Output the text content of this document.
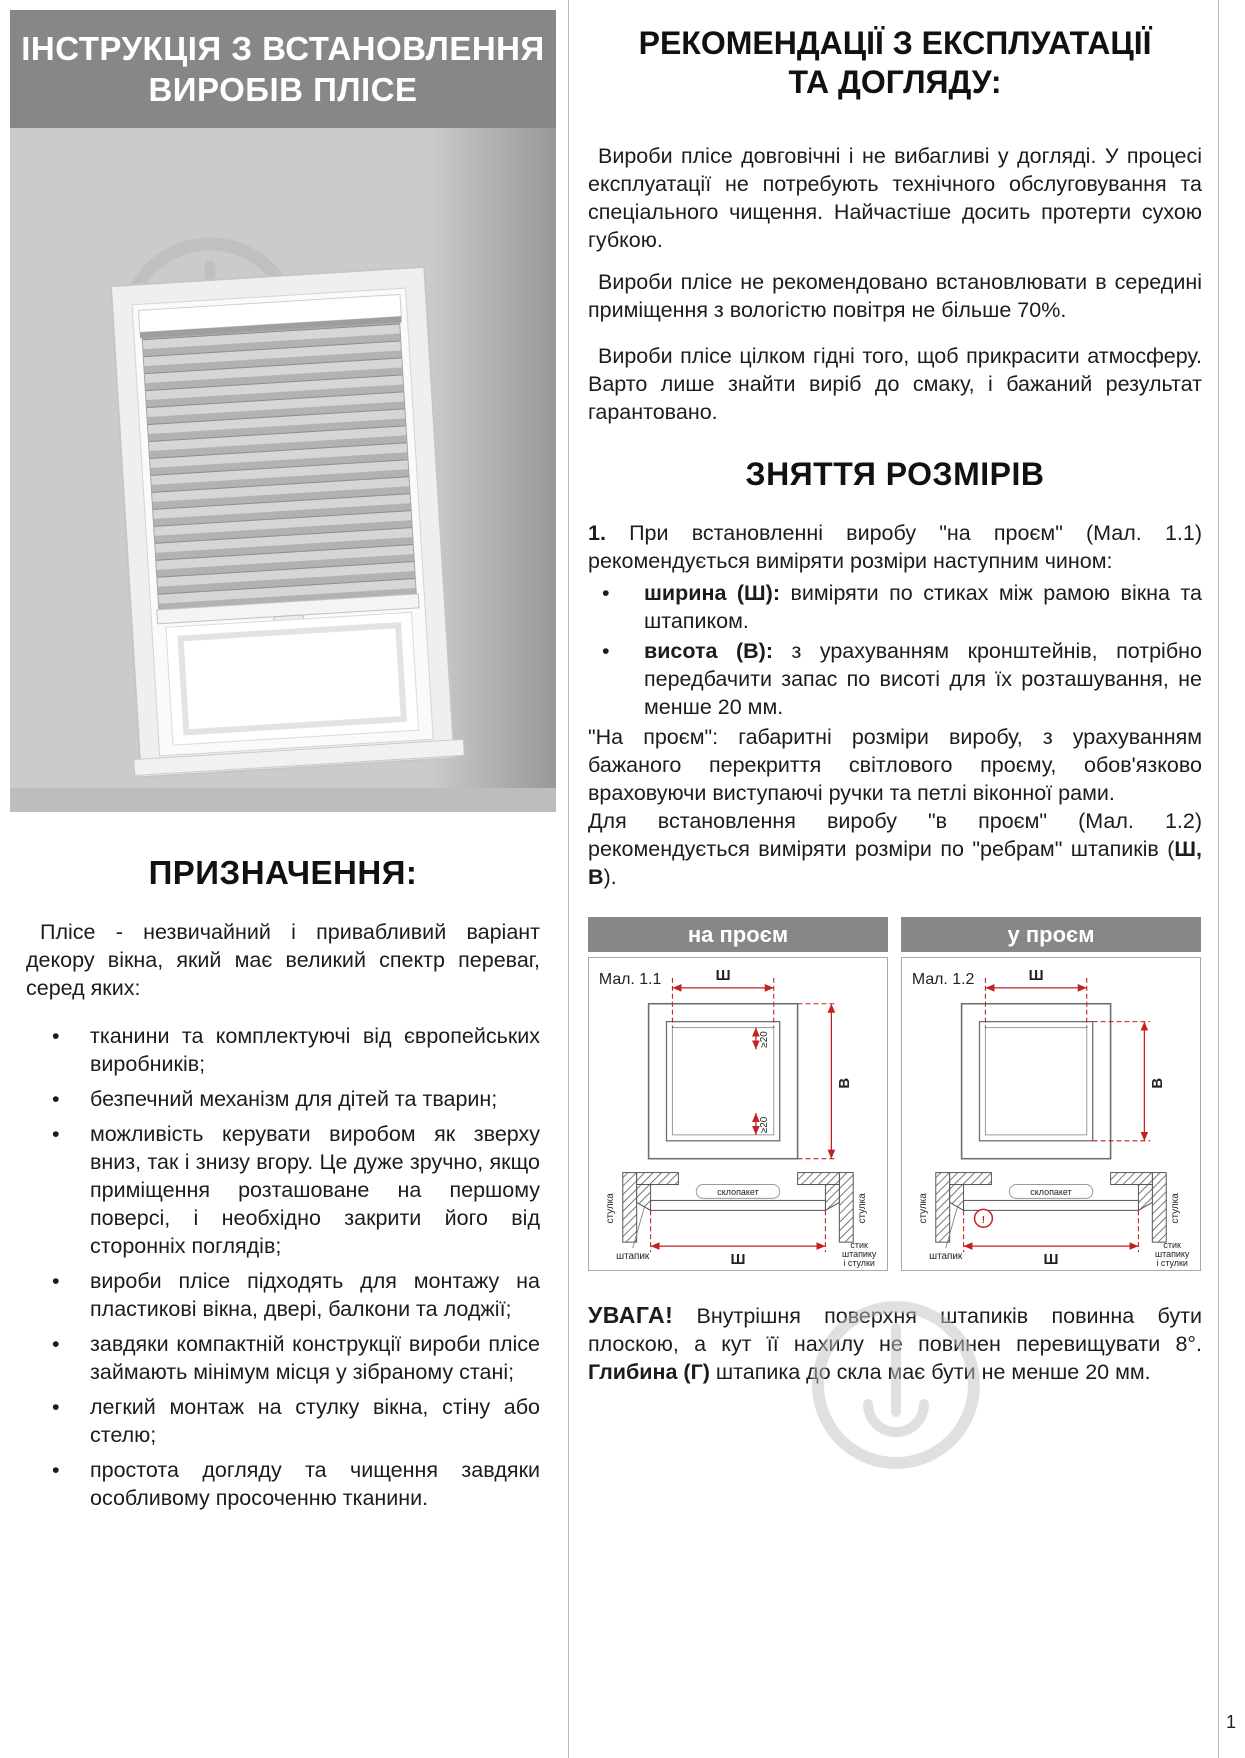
1
ІНСТРУКЦІЯ З ВСТАНОВЛЕННЯ
ВИРОБІВ ПЛІСЕ
ПРИЗНАЧЕННЯ:

Плісе - незвичайний і привабливий варіант декору вікна, який має великий спектр переваг, серед яких:

• тканини та комплектуючі від європейських виробників;
• безпечний механізм для дітей та тварин;
• можливість керувати виробом як зверху вниз, так і знизу вгору. Це дуже зручно, якщо приміщення розташоване на першому поверсі, і необхідно закрити його від сторонніх поглядів;
• вироби плісе підходять для монтажу на пластикові вікна, двері, балкони та лоджії;
• завдяки компактній конструкції вироби плісе займають мінімум місця у зібраному стані;
• легкий монтаж на стулку вікна, стіну або стелю;
• простота догляду та чищення завдяки особливому просоченню тканини.
РЕКОМЕНДАЦІЇ З ЕКСПЛУАТАЦІЇ
ТА ДОГЛЯДУ:

Вироби плісе довговічні і не вибагливі у догляді. У процесі експлуатації не потребують технічного обслуговування та спеціального чищення. Найчастіше досить протерти сухою губкою.

Вироби плісе не рекомендовано встановлювати в середині приміщення з вологістю повітря не більше 70%.

Вироби плісе цілком гідні того, щоб прикрасити атмосферу. Варто лише знайти виріб до смаку, і бажаний результат гарантовано.

ЗНЯТТЯ РОЗМІРІВ

1. При встановленні виробу "на проєм" (Мал. 1.1) рекомендується виміряти розміри наступним чином:

• ширина (Ш): виміряти по стиках між рамою вікна та штапиком.
• висота (В): з урахуванням кронштейнів, потрібно передбачити запас по висоті для їх розташування, не менше 20 мм.

"На проєм": габаритні розміри виробу, з урахуванням бажаного перекриття світлового проєму, обов'язково враховуючи виступаючі ручки та петлі віконної рами.

Для встановлення виробу "в проєм" (Мал. 1.2) рекомендується виміряти розміри по "ребрам" штапиків (Ш, В).

на проєм
Мал. 1.1	Ш
В
≥20
≥20
склопакет
стулка	стулка
штапик	Ш
стик
штапику
і стулки
у проєм
Мал. 1.2	Ш
В
склопакет
!
стулка	стулка
штапик	Ш
стик
штапику
і стулки

УВАГА! Внутрішня поверхня штапиків повинна бути плоскою, а кут її нахилу не повинен перевищувати 8°. Глибина (Г) штапика до скла має бути не менше 20 мм.
